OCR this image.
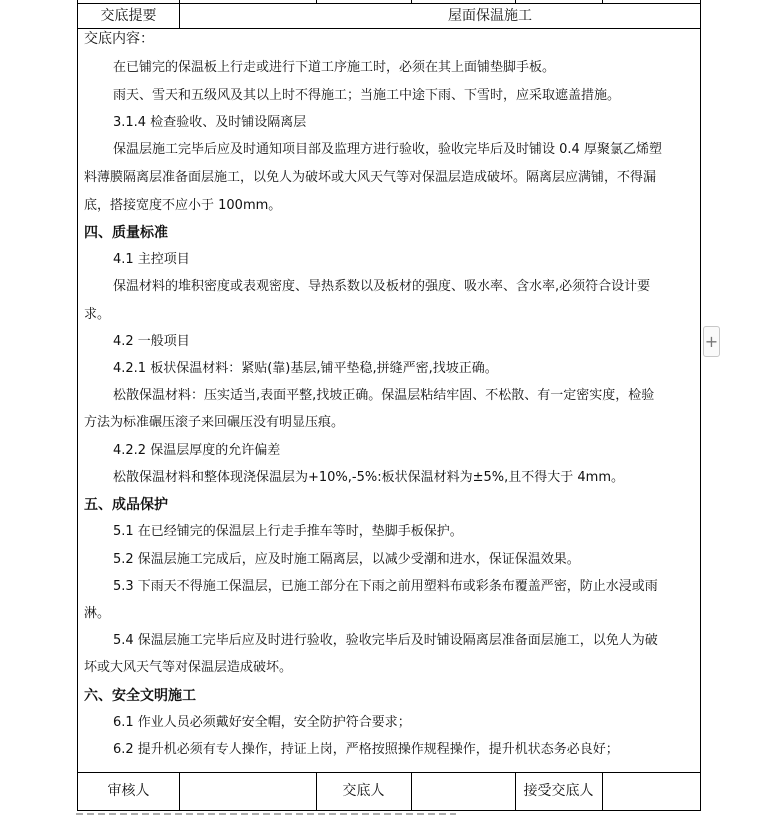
交底提要	屋面保温施工
交底内容：
在已铺完的保温板上行走或进行下道工序施工时，必须在其上面铺垫脚手板。
雨天、雪天和五级风及其以上时不得施工；当施工中途下雨、下雪时，应采取遮盖措施。
3.1.4 检查验收、及时铺设隔离层
保温层施工完毕后应及时通知项目部及监理方进行验收，验收完毕后及时铺设 0.4 厚聚氯乙烯塑
料薄膜隔离层准备面层施工，以免人为破坏或大风天气等对保温层造成破坏。隔离层应满铺，不得漏
底，搭接宽度不应小于 100mm。
四、质量标准
4.1 主控项目
保温材料的堆积密度或表观密度、导热系数以及板材的强度、吸水率、含水率,必须符合设计要
求。
4.2 一般项目
4.2.1 板状保温材料：紧贴(靠)基层,铺平垫稳,拼缝严密,找坡正确。
松散保温材料：压实适当,表面平整,找坡正确。保温层粘结牢固、不松散、有一定密实度，检验
方法为标准碾压滚子来回碾压没有明显压痕。
4.2.2 保温层厚度的允许偏差
松散保温材料和整体现浇保温层为+10%,-5%:板状保温材料为±5%,且不得大于 4mm。
五、成品保护
5.1 在已经铺完的保温层上行走手推车等时，垫脚手板保护。
5.2 保温层施工完成后，应及时施工隔离层，以减少受潮和进水，保证保温效果。
5.3 下雨天不得施工保温层，已施工部分在下雨之前用塑料布或彩条布覆盖严密，防止水浸或雨
淋。
5.4 保温层施工完毕后应及时进行验收，验收完毕后及时铺设隔离层准备面层施工，以免人为破
坏或大风天气等对保温层造成破坏。
六、安全文明施工
6.1 作业人员必须戴好安全帽，安全防护符合要求；
6.2 提升机必须有专人操作，持证上岗，严格按照操作规程操作，提升机状态务必良好；
审核人	交底人	接受交底人
+
